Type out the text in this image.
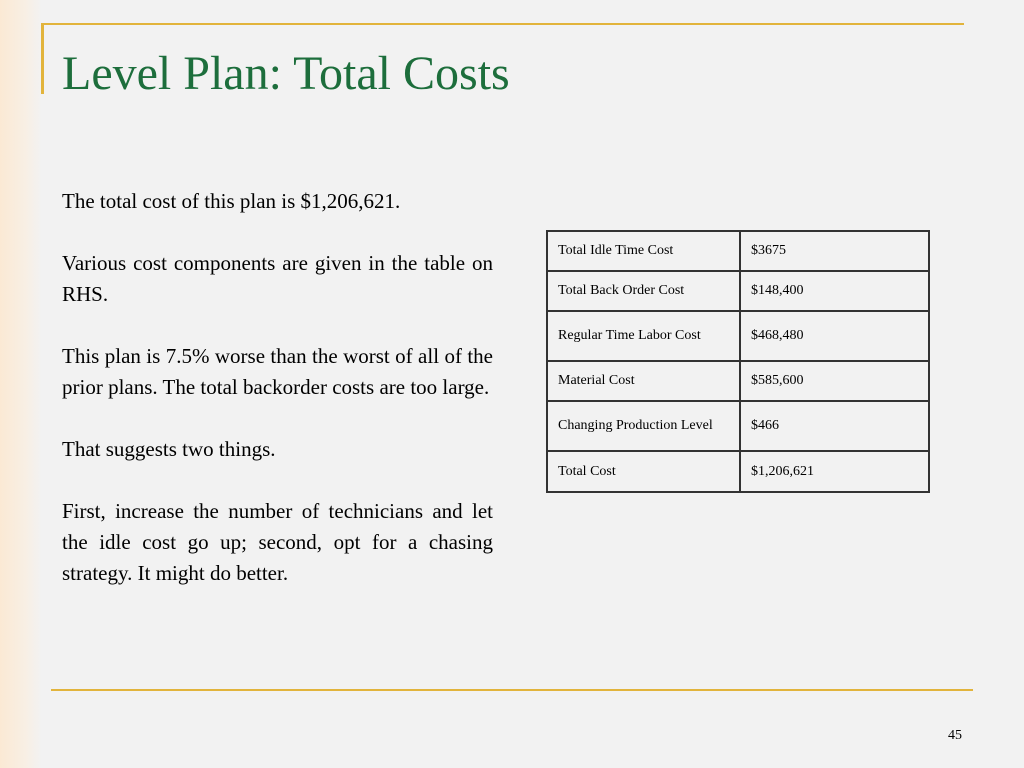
Level Plan: Total Costs

The total cost of this plan is $1,206,621.

Various cost components are given in the table on RHS.

This plan is 7.5% worse than the worst of all of the prior plans. The total backorder costs are too large.

That suggests two things.

First, increase the number of technicians and let the idle cost go up; second, opt for a chasing strategy. It might do better.

Total Idle Time Cost	$3675
Total Back Order Cost	$148,400
Regular Time Labor Cost	$468,480
Material Cost	$585,600
Changing Production Level	$466
Total Cost	$1,206,621
45
